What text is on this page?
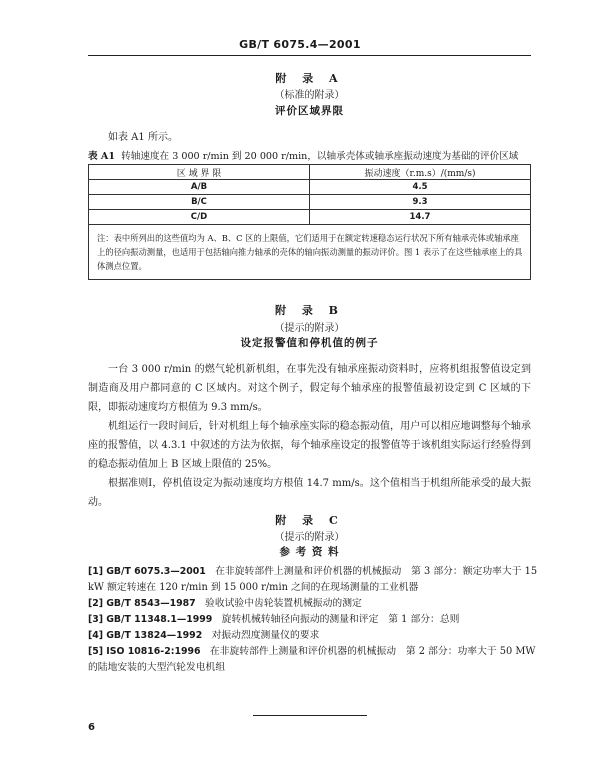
GB/T 6075.4—2001
附 录 A
（标准的附录）
评价区域界限

如表 A1 所示。

表 A1 转轴速度在 3 000 r/min 到 20 000 r/min，以轴承壳体或轴承座振动速度为基础的评价区域
区 域 界 限	振动速度（r.m.s）/(mm/s)
A/B	4.5
B/C	9.3
C/D	14.7
注：表中所列出的这些值均为 A、B、C 区的上限值，它们适用于在额定转速稳态运行状况下所有轴承壳体或轴承座上的径向振动测量，也适用于包括轴向推力轴承的壳体的轴向振动测量的振动评价。图 1 表示了在这些轴承座上的具体测点位置。	
附 录 B
（提示的附录）
设定报警值和停机值的例子

一台 3 000 r/min 的燃气轮机新机组，在事先没有轴承座振动资料时，应将机组报警值设定到制造商及用户都同意的 C 区域内。对这个例子，假定每个轴承座的报警值最初设定到 C 区域的下限，即振动速度均方根值为 9.3 mm/s。

机组运行一段时间后，针对机组上每个轴承座实际的稳态振动值，用户可以相应地调整每个轴承座的报警值，以 4.3.1 中叙述的方法为依据，每个轴承座设定的报警值等于该机组实际运行经验得到的稳态振动值加上 B 区域上限值的 25%。

根据准则Ⅰ，停机值设定为振动速度均方根值 14.7 mm/s。这个值相当于机组所能承受的最大振动。

附 录 C
（提示的附录）
参 考 资 料
[1] GB/T 6075.3—2001 在非旋转部件上测量和评价机器的机械振动　第 3 部分：额定功率大于 15 kW 额定转速在 120 r/min 到 15 000 r/min 之间的在现场测量的工业机器
[2] GB/T 8543—1987 验收试验中齿轮装置机械振动的测定
[3] GB/T 11348.1—1999 旋转机械转轴径向振动的测量和评定　第 1 部分：总则
[4] GB/T 13824—1992 对振动烈度测量仪的要求
[5] ISO 10816-2:1996 在非旋转部件上测量和评价机器的机械振动　第 2 部分：功率大于 50 MW 的陆地安装的大型汽轮发电机组
6
